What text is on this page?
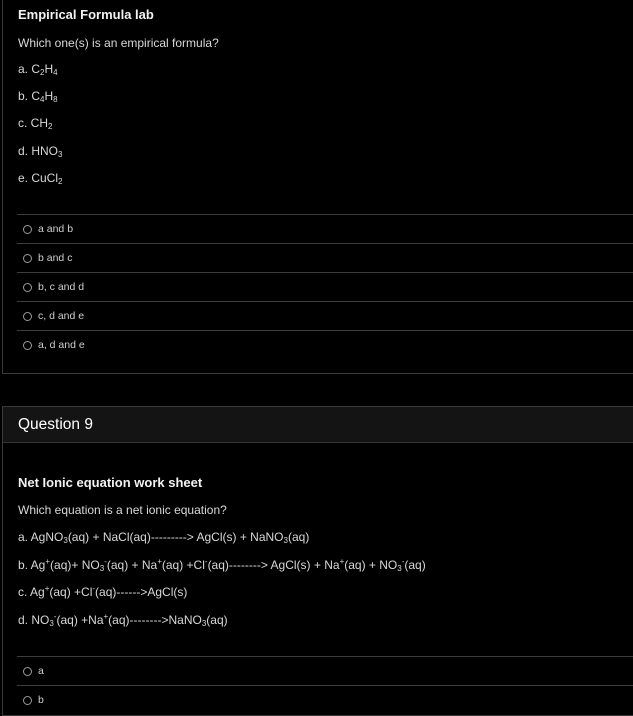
Empirical Formula lab
Which one(s) is an empirical formula?
a. $C_2H_4$
b. $C_4H_8$
c. $CH_2$
d. $HNO_3$
e. CuCl$_2$
a and b
b and c
b, c and d
c, d and e
a, d and e
Question 9
Net Ionic equation work sheet
Which equation is a net ionic equation?
a. AgNO$_3$(aq) + NaCl(aq)---------> AgCl(s) + NaNO$_3$(aq)
b. $Ag^+(aq)+ NO_3^-(aq) + Na^+(aq) +Cl^-(aq)-------->$ AgCl(s) + $Na^+(aq) + NO_3^-(aq)$
c. Ag+(aq) +Cl-(aq)------>AgCl(s)
d. $NO_3^-(aq)$ +Na+(aq)-------->NaNO$_3$(aq)
a
b
